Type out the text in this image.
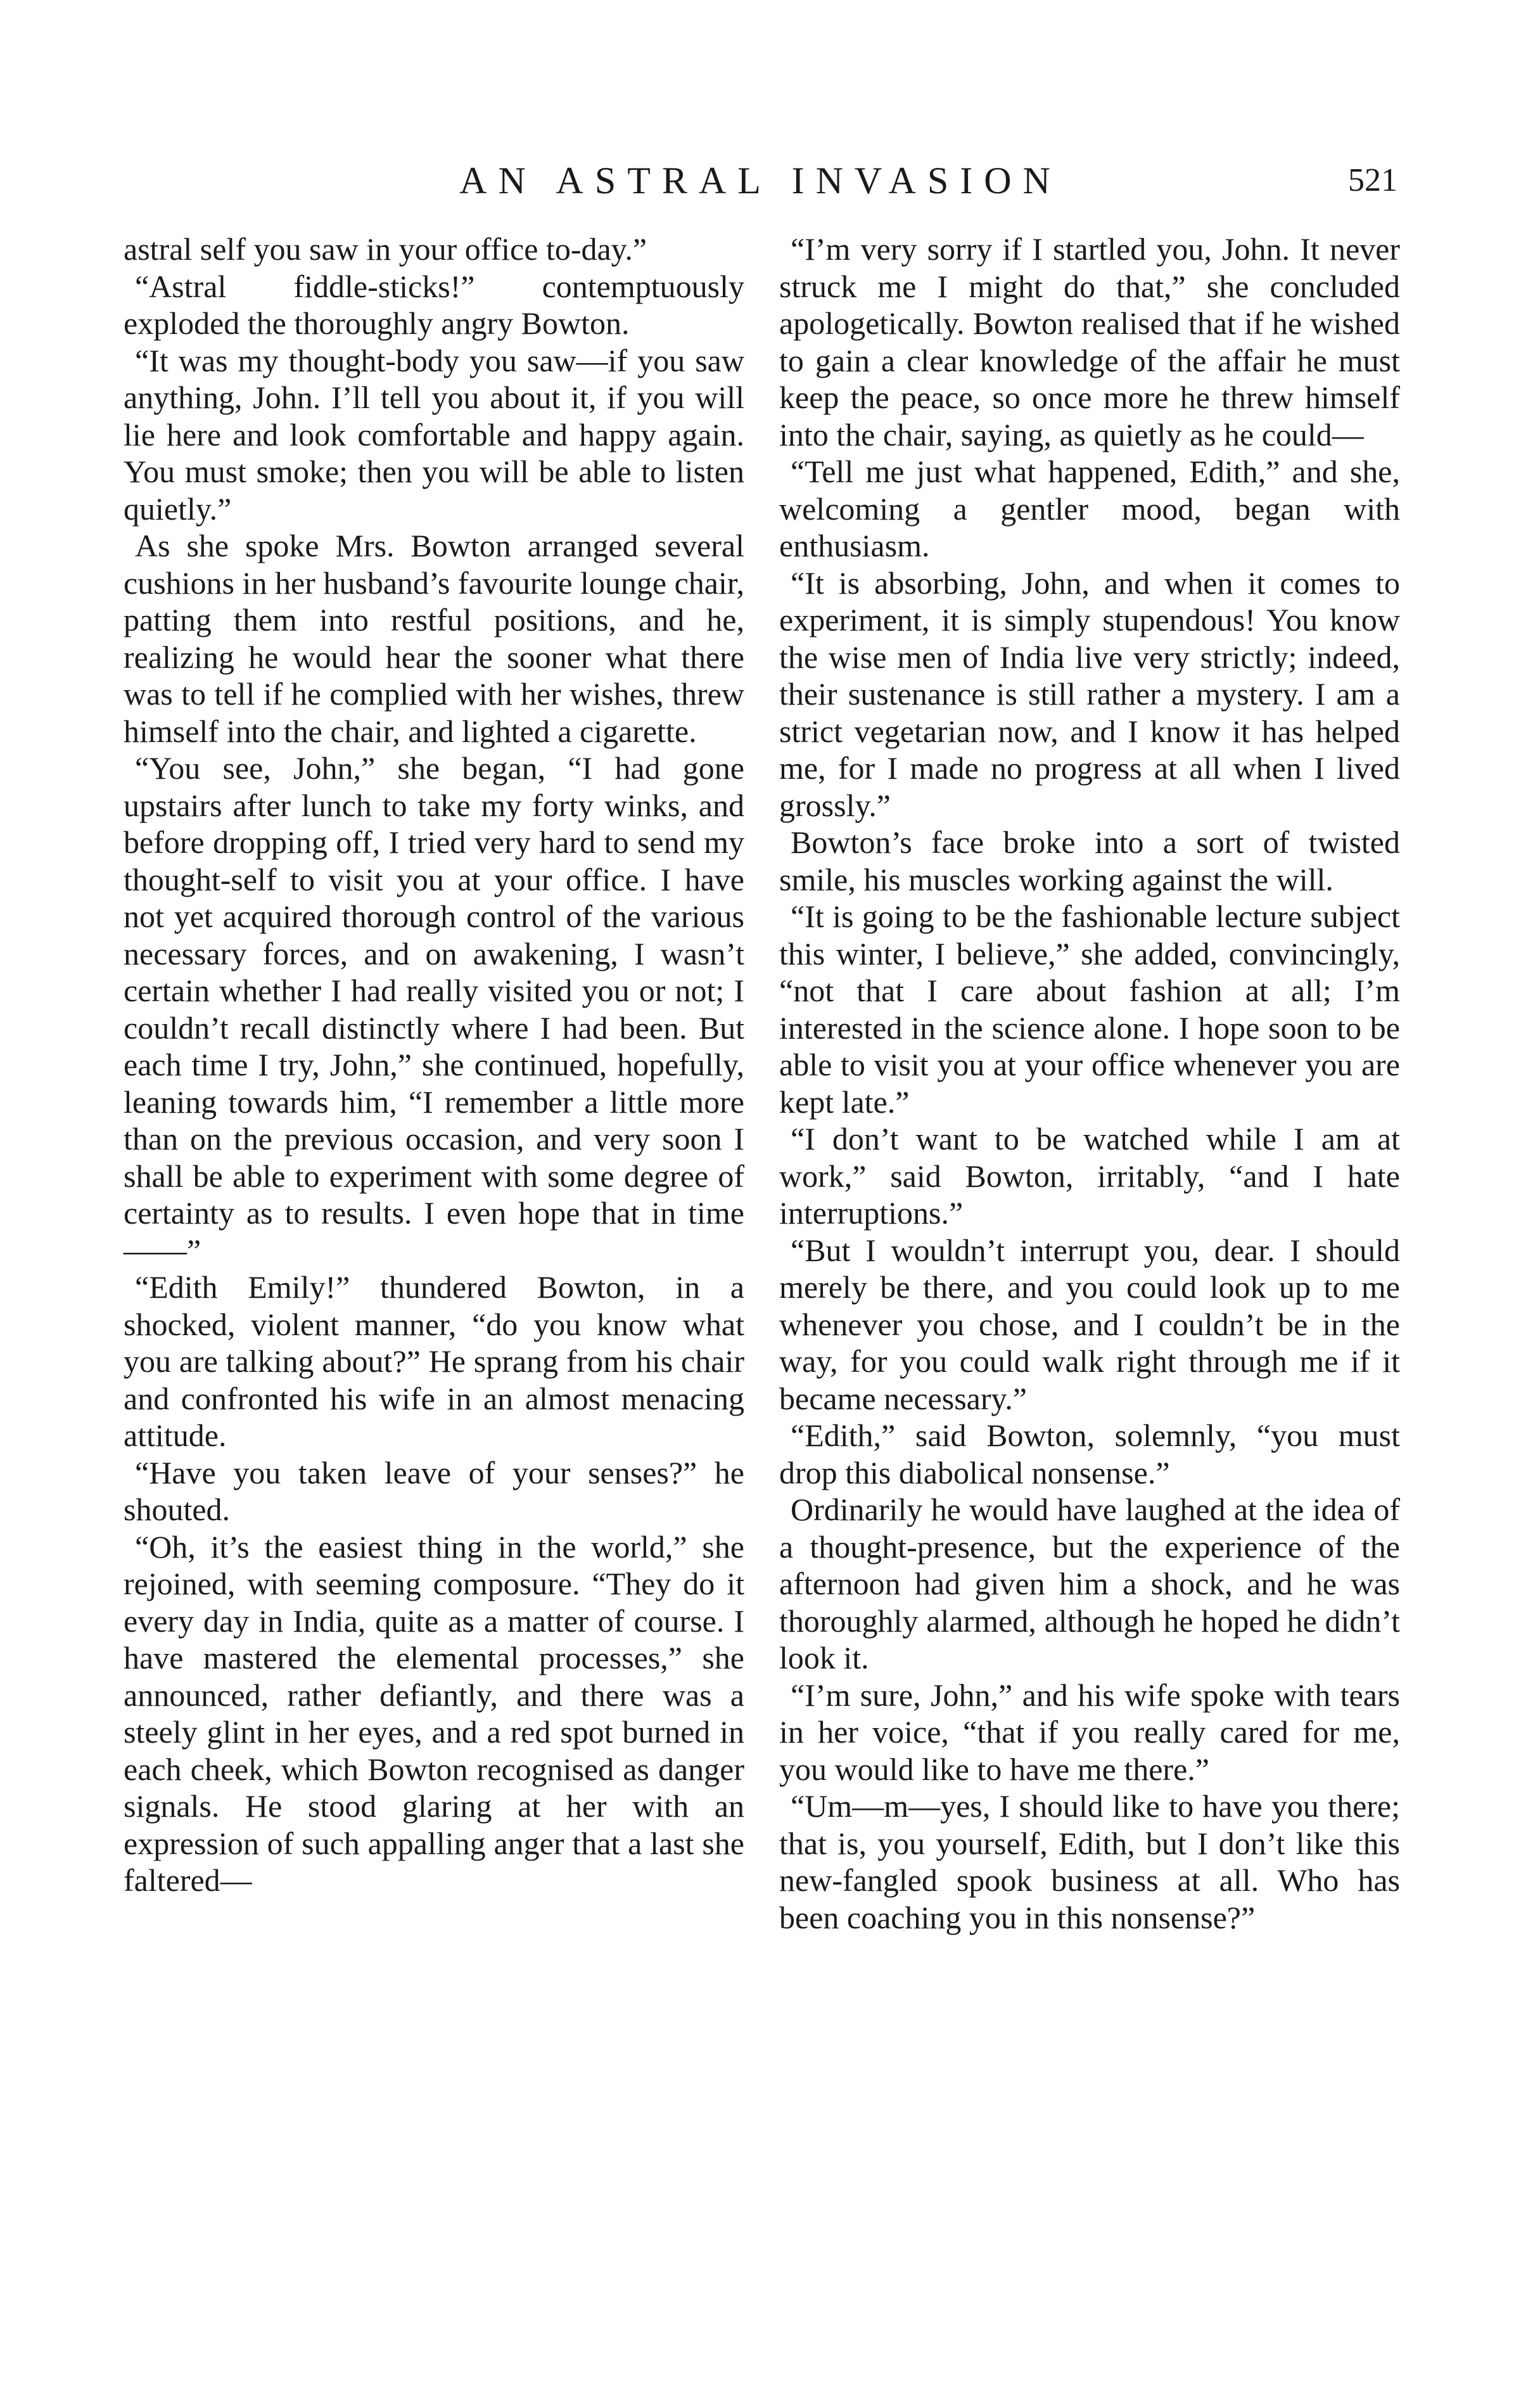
AN ASTRAL INVASION	521

astral self you saw in your office to-day.”

“Astral fiddle-sticks!” contemptuously exploded the thoroughly angry Bowton.

“It was my thought-body you saw—if you saw anything, John. I’ll tell you about it, if you will lie here and look comfortable and happy again. You must smoke; then you will be able to listen quietly.”

As she spoke Mrs. Bowton arranged several cushions in her husband’s favourite lounge chair, patting them into restful positions, and he, realizing he would hear the sooner what there was to tell if he complied with her wishes, threw himself into the chair, and lighted a cigarette.

“You see, John,” she began, “I had gone upstairs after lunch to take my forty winks, and before dropping off, I tried very hard to send my thought-self to visit you at your office. I have not yet acquired thorough control of the various necessary forces, and on awakening, I wasn’t certain whether I had really visited you or not; I couldn’t recall distinctly where I had been. But each time I try, John,” she continued, hopefully, leaning towards him, “I remember a little more than on the previous occasion, and very soon I shall be able to experiment with some degree of certainty as to results. I even hope that in time——”

“Edith Emily!” thundered Bowton, in a shocked, violent manner, “do you know what you are talking about?” He sprang from his chair and confronted his wife in an almost menacing attitude.

“Have you taken leave of your senses?” he shouted.

“Oh, it’s the easiest thing in the world,” she rejoined, with seeming composure. “They do it every day in India, quite as a matter of course. I have mastered the elemental processes,” she announced, rather defiantly, and there was a steely glint in her eyes, and a red spot burned in each cheek, which Bowton recognised as danger signals. He stood glaring at her with an expression of such appalling anger that a last she faltered—

“I’m very sorry if I startled you, John. It never struck me I might do that,” she concluded apologetically. Bowton realised that if he wished to gain a clear knowledge of the affair he must keep the peace, so once more he threw himself into the chair, saying, as quietly as he could—

“Tell me just what happened, Edith,” and she, welcoming a gentler mood, began with enthusiasm.

“It is absorbing, John, and when it comes to experiment, it is simply stupendous! You know the wise men of India live very strictly; indeed, their sustenance is still rather a mystery. I am a strict vegetarian now, and I know it has helped me, for I made no progress at all when I lived grossly.”

Bowton’s face broke into a sort of twisted smile, his muscles working against the will.

“It is going to be the fashionable lecture subject this winter, I believe,” she added, convincingly, “not that I care about fashion at all; I’m interested in the science alone. I hope soon to be able to visit you at your office whenever you are kept late.”

“I don’t want to be watched while I am at work,” said Bowton, irritably, “and I hate interruptions.”

“But I wouldn’t interrupt you, dear. I should merely be there, and you could look up to me whenever you chose, and I couldn’t be in the way, for you could walk right through me if it became necessary.”

“Edith,” said Bowton, solemnly, “you must drop this diabolical nonsense.”

Ordinarily he would have laughed at the idea of a thought-presence, but the experience of the afternoon had given him a shock, and he was thoroughly alarmed, although he hoped he didn’t look it.

“I’m sure, John,” and his wife spoke with tears in her voice, “that if you really cared for me, you would like to have me there.”

“Um—m—yes, I should like to have you there; that is, you yourself, Edith, but I don’t like this new-fangled spook business at all. Who has been coaching you in this nonsense?”
